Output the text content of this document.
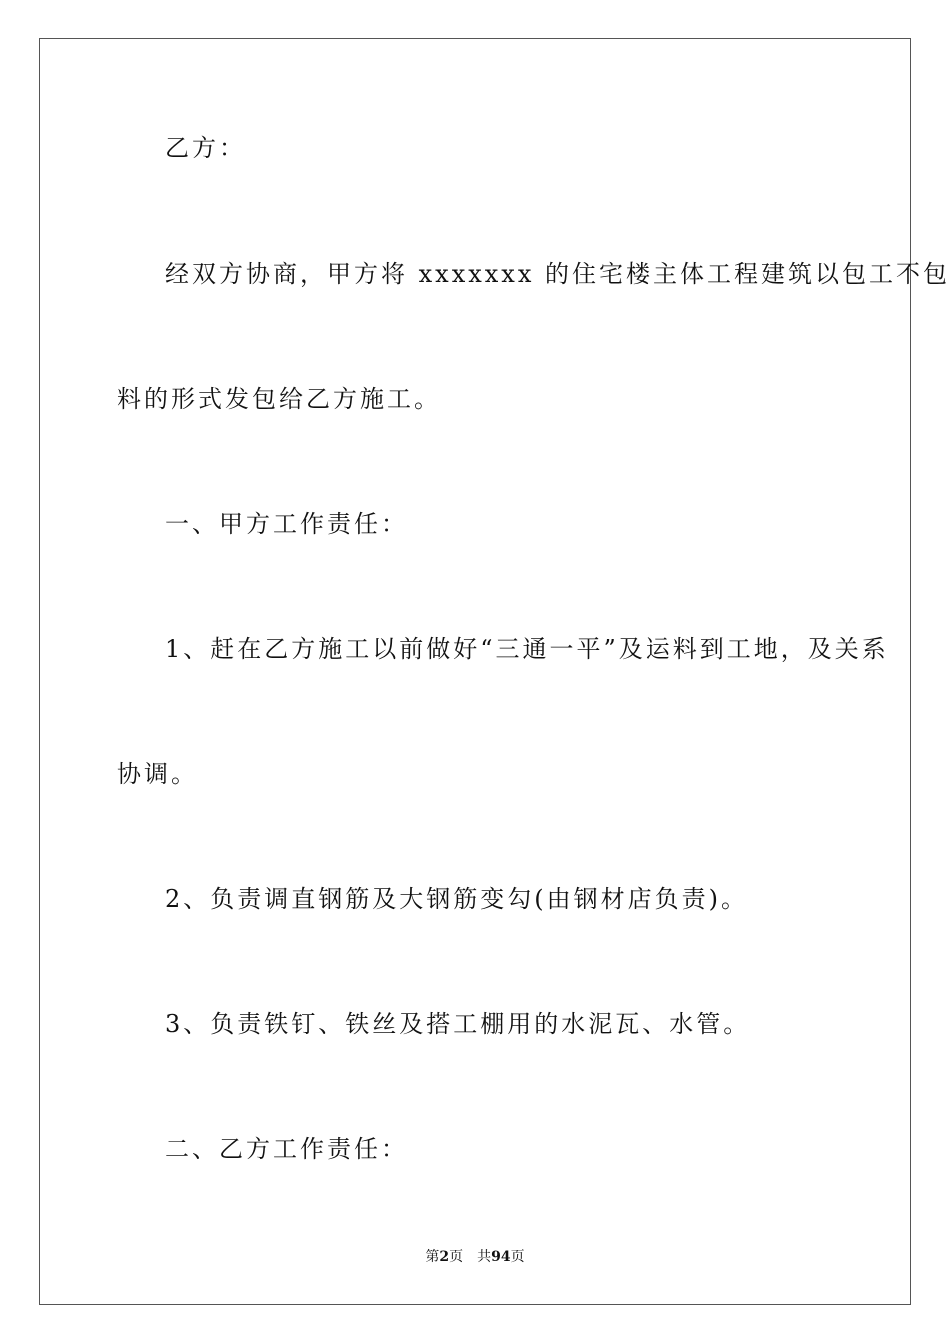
乙方：

经双方协商，甲方将 xxxxxxx 的住宅楼主体工程建筑以包工不包

料的形式发包给乙方施工。

一、甲方工作责任：

1、赶在乙方施工以前做好“三通一平”及运料到工地，及关系

协调。

2、负责调直钢筋及大钢筋变勾(由钢材店负责)。

3、负责铁钉、铁丝及搭工棚用的水泥瓦、水管。

二、乙方工作责任：

第2页 共94页
